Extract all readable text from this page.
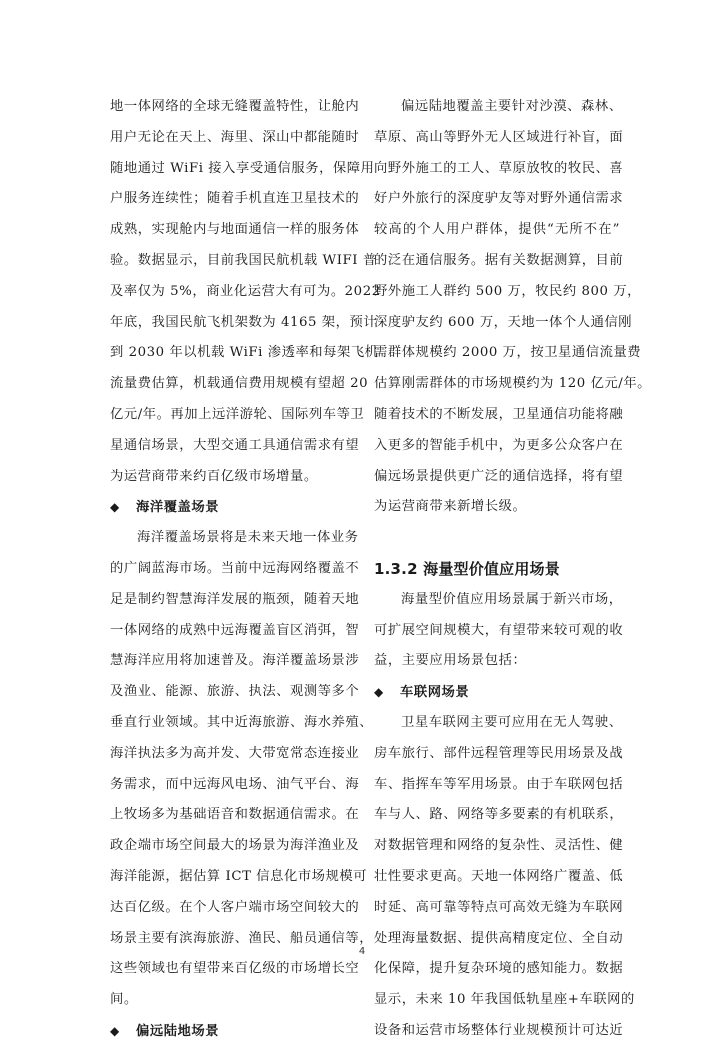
地一体网络的全球无缝覆盖特性，让舱内
用户无论在天上、海里、深山中都能随时
随地通过 WiFi 接入享受通信服务，保障用
户服务连续性；随着手机直连卫星技术的
成熟，实现舱内与地面通信一样的服务体
验。数据显示，目前我国民航机载 WIFI 普
及率仅为 5%，商业化运营大有可为。2022
年底，我国民航飞机架数为 4165 架，预计
到 2030 年以机载 WiFi 渗透率和每架飞机
流量费估算，机载通信费用规模有望超 20
亿元/年。再加上远洋游轮、国际列车等卫
星通信场景，大型交通工具通信需求有望
为运营商带来约百亿级市场增量。
◆ 海洋覆盖场景
海洋覆盖场景将是未来天地一体业务
的广阔蓝海市场。当前中远海网络覆盖不
足是制约智慧海洋发展的瓶颈，随着天地
一体网络的成熟中远海覆盖盲区消弭，智
慧海洋应用将加速普及。海洋覆盖场景涉
及渔业、能源、旅游、执法、观测等多个
垂直行业领域。其中近海旅游、海水养殖、
海洋执法多为高并发、大带宽常态连接业
务需求，而中远海风电场、油气平台、海
上牧场多为基础语音和数据通信需求。在
政企端市场空间最大的场景为海洋渔业及
海洋能源，据估算 ICT 信息化市场规模可
达百亿级。在个人客户端市场空间较大的
场景主要有滨海旅游、渔民、船员通信等，
这些领域也有望带来百亿级的市场增长空
间。
◆ 偏远陆地场景
偏远陆地覆盖主要针对沙漠、森林、
草原、高山等野外无人区域进行补盲，面
向野外施工的工人、草原放牧的牧民、喜
好户外旅行的深度驴友等对野外通信需求
较高的个人用户群体，提供“无所不在”
的泛在通信服务。据有关数据测算，目前
野外施工人群约 500 万，牧民约 800 万，
深度驴友约 600 万，天地一体个人通信刚
需群体规模约 2000 万，按卫星通信流量费
估算刚需群体的市场规模约为 120 亿元/年。
随着技术的不断发展，卫星通信功能将融
入更多的智能手机中，为更多公众客户在
偏远场景提供更广泛的通信选择，将有望
为运营商带来新增长级。
1.3.2 海量型价值应用场景
海量型价值应用场景属于新兴市场，
可扩展空间规模大，有望带来较可观的收
益，主要应用场景包括：
◆ 车联网场景
卫星车联网主要可应用在无人驾驶、
房车旅行、部件远程管理等民用场景及战
车、指挥车等军用场景。由于车联网包括
车与人、路、网络等多要素的有机联系，
对数据管理和网络的复杂性、灵活性、健
壮性要求更高。天地一体网络广覆盖、低
时延、高可靠等特点可高效无缝为车联网
处理海量数据、提供高精度定位、全自动
化保障，提升复杂环境的感知能力。数据
显示，未来 10 年我国低轨星座+车联网的
设备和运营市场整体行业规模预计可达近
4
